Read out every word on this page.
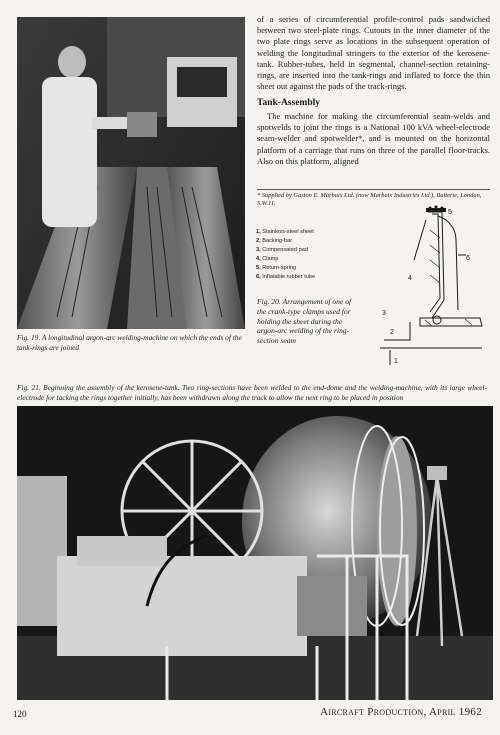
of a series of circumferential profile-control pads sandwiched between two steel-plate rings. Cutouts in the inner diameter of the two plate rings serve as locations in the subsequent operation of welding the longitudinal stringers to the exterior of the kerosene-tank. Rubber-tubes, held in segmental, channel-section retaining-rings, are inserted into the tank-rings and inflated to force the thin sheet out against the pads of the track-rings.

Tank-Assembly

The machine for making the circumferential seam-welds and spotwelds to joint the rings is a National 100 kVA wheel-electrode seam-welder and spotwelder*, and is mounted on the horizontal platform of a carriage that runs on three of the parallel floor-tracks. Also on this platform, aligned

* Supplied by Gaston E. Marbaix Ltd. (now Marbaix Industries Ltd.), Batterie, London, S.W.11.

1, Stainless-steel sheet
2, Backing-bar
3, Compensated pad
4, Clamp
5, Return-spring
6, Inflatable rubber tube
1
2
3
4
5
6

Fig. 20. Arrangement of one of the crank-type clamps used for holding the sheet during the argon-arc welding of the ring-section seam

Fig. 19. A longitudinal argon-arc welding-machine on which the ends of the tank-rings are joined

Fig. 21. Beginning the assembly of the kerosene-tank. Two ring-sections have been welded to the end-dome and the welding-machine, with its large wheel-electrode for tacking the rings together initially, has been withdrawn along the track to allow the next ring to be placed in position

120	Aircraft Production, April 1962
